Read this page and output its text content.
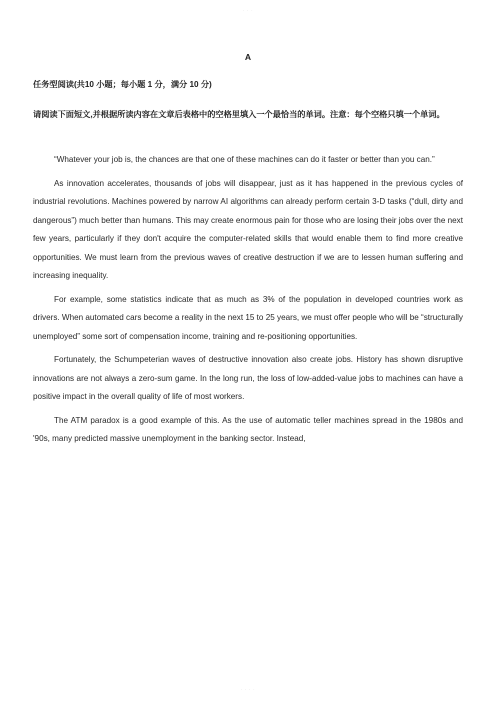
· · ·
A
任务型阅读(共10 小题；每小题 1 分，满分 10 分)

请阅读下面短文,并根据所读内容在文章后表格中的空格里填入一个最恰当的单词。注意：每个空格只填一个单词。

“Whatever your job is, the chances are that one of these machines can do it faster or better than you can.”

As innovation accelerates, thousands of jobs will disappear, just as it has happened in the previous cycles of industrial revolutions. Machines powered by narrow AI algorithms can already perform certain 3-D tasks (“dull, dirty and dangerous”) much better than humans. This may create enormous pain for those who are losing their jobs over the next few years, particularly if they don't acquire the computer-related skills that would enable them to find more creative opportunities. We must learn from the previous waves of creative destruction if we are to lessen human suffering and increasing inequality.

For example, some statistics indicate that as much as 3% of the population in developed countries work as drivers. When automated cars become a reality in the next 15 to 25 years, we must offer people who will be “structurally unemployed” some sort of compensation income, training and re-positioning opportunities.

Fortunately, the Schumpeterian waves of destructive innovation also create jobs. History has shown disruptive innovations are not always a zero-sum game. In the long run, the loss of low-added-value jobs to machines can have a positive impact in the overall quality of life of most workers.

The ATM paradox is a good example of this. As the use of automatic teller machines spread in the 1980s and '90s, many predicted massive unemployment in the banking sector. Instead,

· · · ·
